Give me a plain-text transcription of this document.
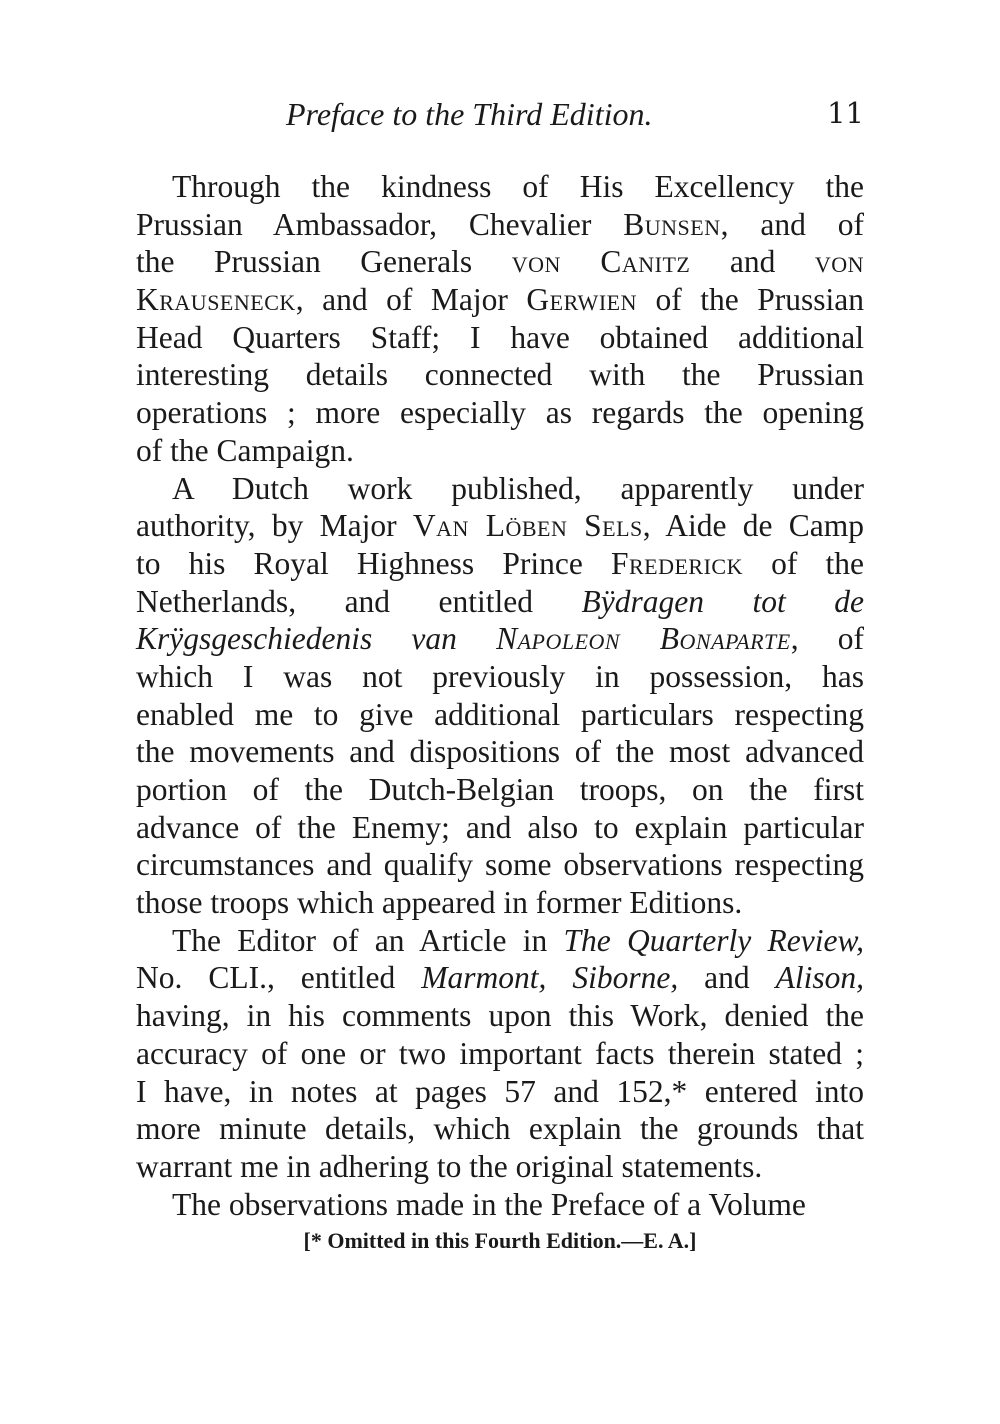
Preface to the Third Edition.	11
Through the kindness of His Excellency the
Prussian Ambassador, Chevalier Bunsen, and of
the Prussian Generals von Canitz and von
Krauseneck, and of Major Gerwien of the Prussian
Head Quarters Staff; I have obtained additional
interesting details connected with the Prussian
operations ; more especially as regards the opening
of the Campaign.
A Dutch work published, apparently under
authority, by Major Van Löben Sels, Aide de Camp
to his Royal Highness Prince Frederick of the
Netherlands, and entitled Bÿdragen tot de
Krÿgsgeschiedenis van Napoleon Bonaparte, of
which I was not previously in possession, has
enabled me to give additional particulars respecting
the movements and dispositions of the most advanced
portion of the Dutch-Belgian troops, on the first
advance of the Enemy; and also to explain particular
circumstances and qualify some observations respecting
those troops which appeared in former Editions.
The Editor of an Article in The Quarterly Review,
No. CLI., entitled Marmont, Siborne, and Alison,
having, in his comments upon this Work, denied the
accuracy of one or two important facts therein stated ;
I have, in notes at pages 57 and 152,* entered into
more minute details, which explain the grounds that
warrant me in adhering to the original statements.
The observations made in the Preface of a Volume
[* Omitted in this Fourth Edition.—E. A.]
